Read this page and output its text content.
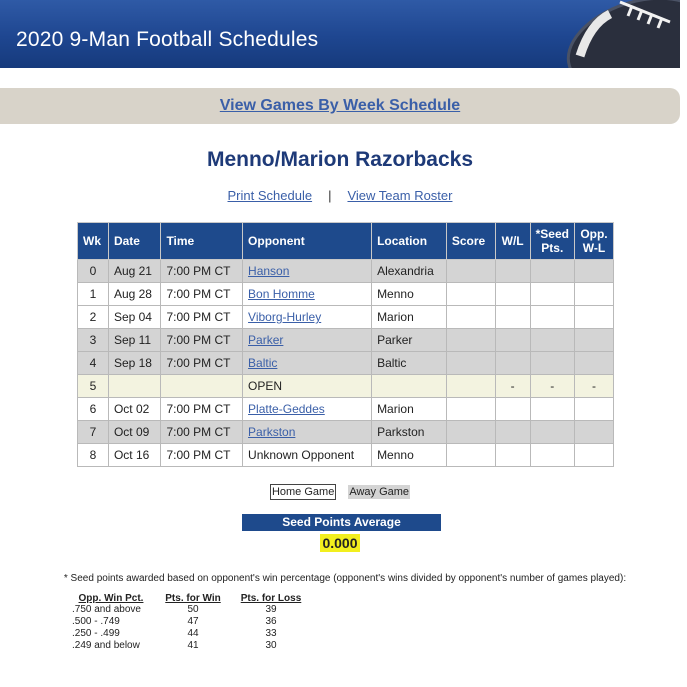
2020 9-Man Football Schedules
View Games By Week Schedule
Menno/Marion Razorbacks
Print Schedule | View Team Roster
Wk	Date	Time	Opponent	Location	Score	W/L	*Seed Pts.	Opp. W-L
0	Aug 21	7:00 PM CT	Hanson	Alexandria				
1	Aug 28	7:00 PM CT	Bon Homme	Menno				
2	Sep 04	7:00 PM CT	Viborg-Hurley	Marion				
3	Sep 11	7:00 PM CT	Parker	Parker				
4	Sep 18	7:00 PM CT	Baltic	Baltic				
5			OPEN			-	-	-
6	Oct 02	7:00 PM CT	Platte-Geddes	Marion				
7	Oct 09	7:00 PM CT	Parkston	Parkston				
8	Oct 16	7:00 PM CT	Unknown Opponent	Menno				
Home Game Away Game
Seed Points Average
0.000
* Seed points awarded based on opponent's win percentage (opponent's wins divided by opponent's number of games played):
Opp. Win Pct.	Pts. for Win	Pts. for Loss
.750 and above	50	39
.500 - .749	47	36
.250 - .499	44	33
.249 and below	41	30
